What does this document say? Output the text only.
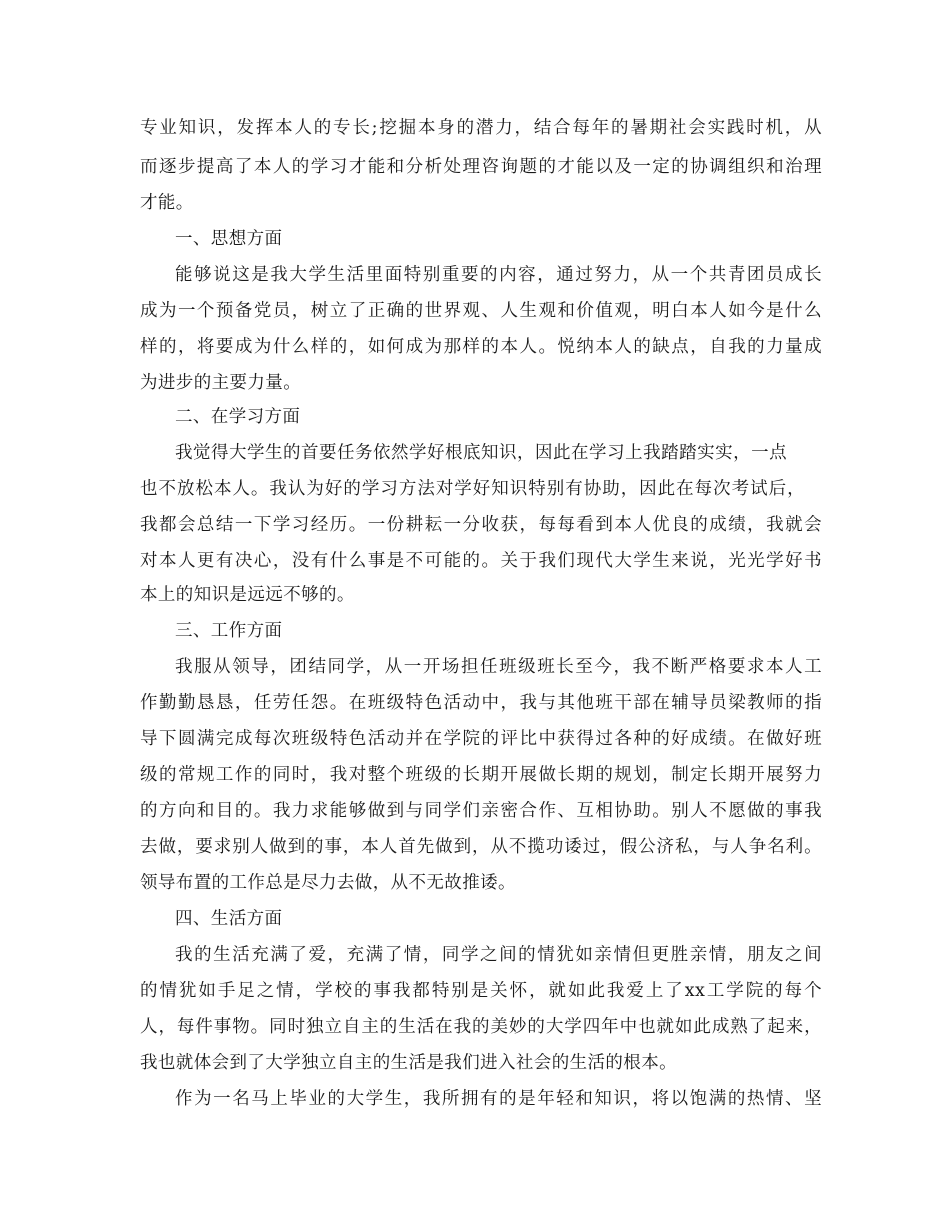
专业知识，发挥本人的专长;挖掘本身的潜力，结合每年的暑期社会实践时机，从
而逐步提高了本人的学习才能和分析处理咨询题的才能以及一定的协调组织和治理
才能。
一、思想方面
能够说这是我大学生活里面特别重要的内容，通过努力，从一个共青团员成长
成为一个预备党员，树立了正确的世界观、人生观和价值观，明白本人如今是什么
样的，将要成为什么样的，如何成为那样的本人。悦纳本人的缺点，自我的力量成
为进步的主要力量。
二、在学习方面
我觉得大学生的首要任务依然学好根底知识，因此在学习上我踏踏实实，一点
也不放松本人。我认为好的学习方法对学好知识特别有协助，因此在每次考试后，
我都会总结一下学习经历。一份耕耘一分收获，每每看到本人优良的成绩，我就会
对本人更有决心，没有什么事是不可能的。关于我们现代大学生来说，光光学好书
本上的知识是远远不够的。
三、工作方面
我服从领导，团结同学，从一开场担任班级班长至今，我不断严格要求本人工
作勤勤恳恳，任劳任怨。在班级特色活动中，我与其他班干部在辅导员梁教师的指
导下圆满完成每次班级特色活动并在学院的评比中获得过各种的好成绩。在做好班
级的常规工作的同时，我对整个班级的长期开展做长期的规划，制定长期开展努力
的方向和目的。我力求能够做到与同学们亲密合作、互相协助。别人不愿做的事我
去做，要求别人做到的事，本人首先做到，从不揽功诿过，假公济私，与人争名利。
领导布置的工作总是尽力去做，从不无故推诿。
四、生活方面
我的生活充满了爱，充满了情，同学之间的情犹如亲情但更胜亲情，朋友之间
的情犹如手足之情，学校的事我都特别是关怀，就如此我爱上了xx工学院的每个
人，每件事物。同时独立自主的生活在我的美妙的大学四年中也就如此成熟了起来，
我也就体会到了大学独立自主的生活是我们进入社会的生活的根本。
作为一名马上毕业的大学生，我所拥有的是年轻和知识，将以饱满的热情、坚
